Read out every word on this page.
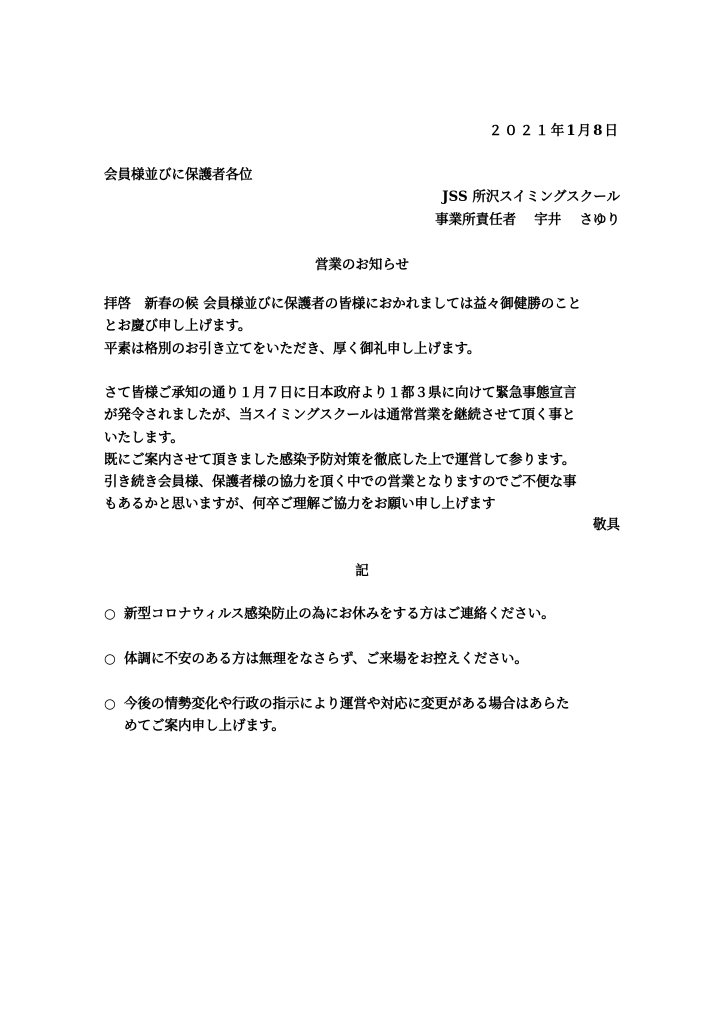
２０２１年1月8日
会員様並びに保護者各位
JSS 所沢スイミングスクール
事業所責任者　 宇井　 さゆり
営業のお知らせ
拝啓　新春の候 会員様並びに保護者の皆様におかれましては益々御健勝のこと
とお慶び申し上げます。
平素は格別のお引き立てをいただき、厚く御礼申し上げます。
さて皆様ご承知の通り１月７日に日本政府より１都３県に向けて緊急事態宣言
が発令されましたが、当スイミングスクールは通常営業を継続させて頂く事と
いたします。
既にご案内させて頂きました感染予防対策を徹底した上で運営して参ります。
引き続き会員様、保護者様の協力を頂く中での営業となりますのでご不便な事
もあるかと思いますが、何卒ご理解ご協力をお願い申し上げます
敬具
記
○ 新型コロナウィルス感染防止の為にお休みをする方はご連絡ください。
○ 体調に不安のある方は無理をなさらず、ご来場をお控えください。
○ 今後の情勢変化や行政の指示により運営や対応に変更がある場合はあらた
めてご案内申し上げます。
